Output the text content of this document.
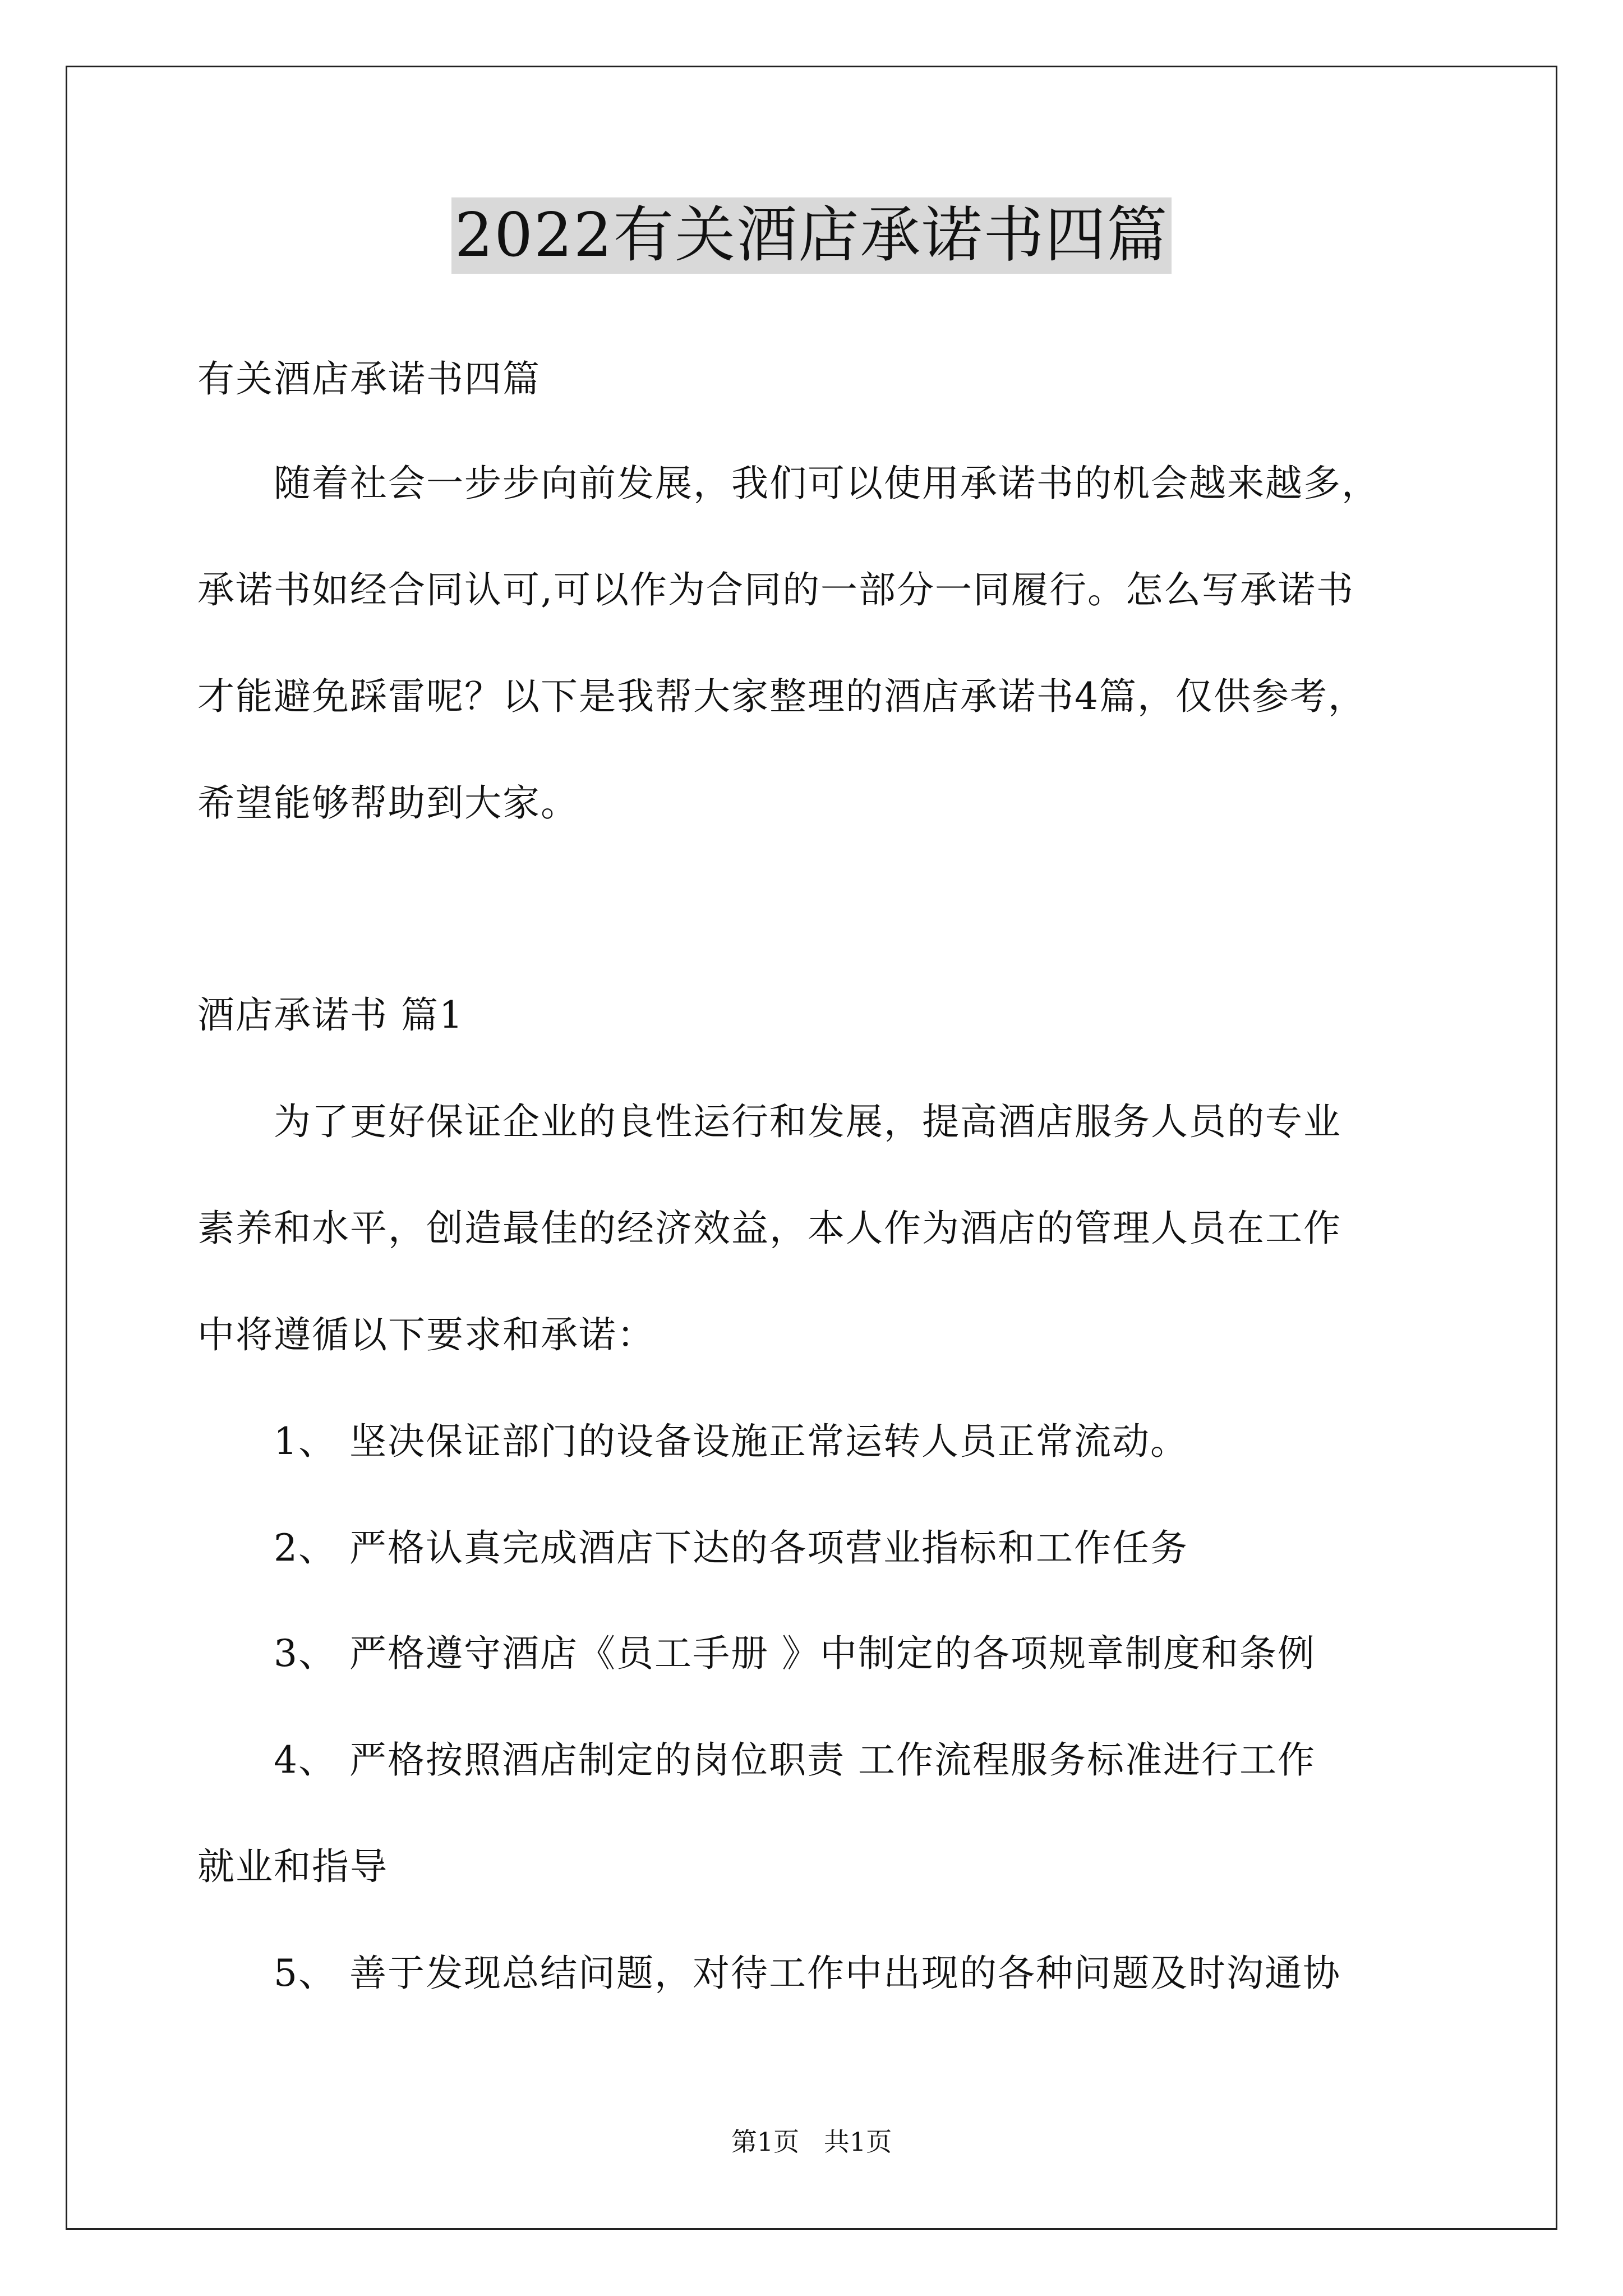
2022有关酒店承诺书四篇
有关酒店承诺书四篇
　　随着社会一步步向前发展，我们可以使用承诺书的机会越来越多，
承诺书如经合同认可,可以作为合同的一部分一同履行。怎么写承诺书
才能避免踩雷呢？以下是我帮大家整理的酒店承诺书4篇，仅供参考，
希望能够帮助到大家。
酒店承诺书 篇1
　　为了更好保证企业的良性运行和发展，提高酒店服务人员的专业
素养和水平，创造最佳的经济效益，本人作为酒店的管理人员在工作
中将遵循以下要求和承诺：
　　1、 坚决保证部门的设备设施正常运转人员正常流动。
　　2、 严格认真完成酒店下达的各项营业指标和工作任务
　　3、 严格遵守酒店《员工手册 》中制定的各项规章制度和条例
　　4、 严格按照酒店制定的岗位职责 工作流程服务标准进行工作
就业和指导
　　5、 善于发现总结问题，对待工作中出现的各种问题及时沟通协
第1页   共1页
